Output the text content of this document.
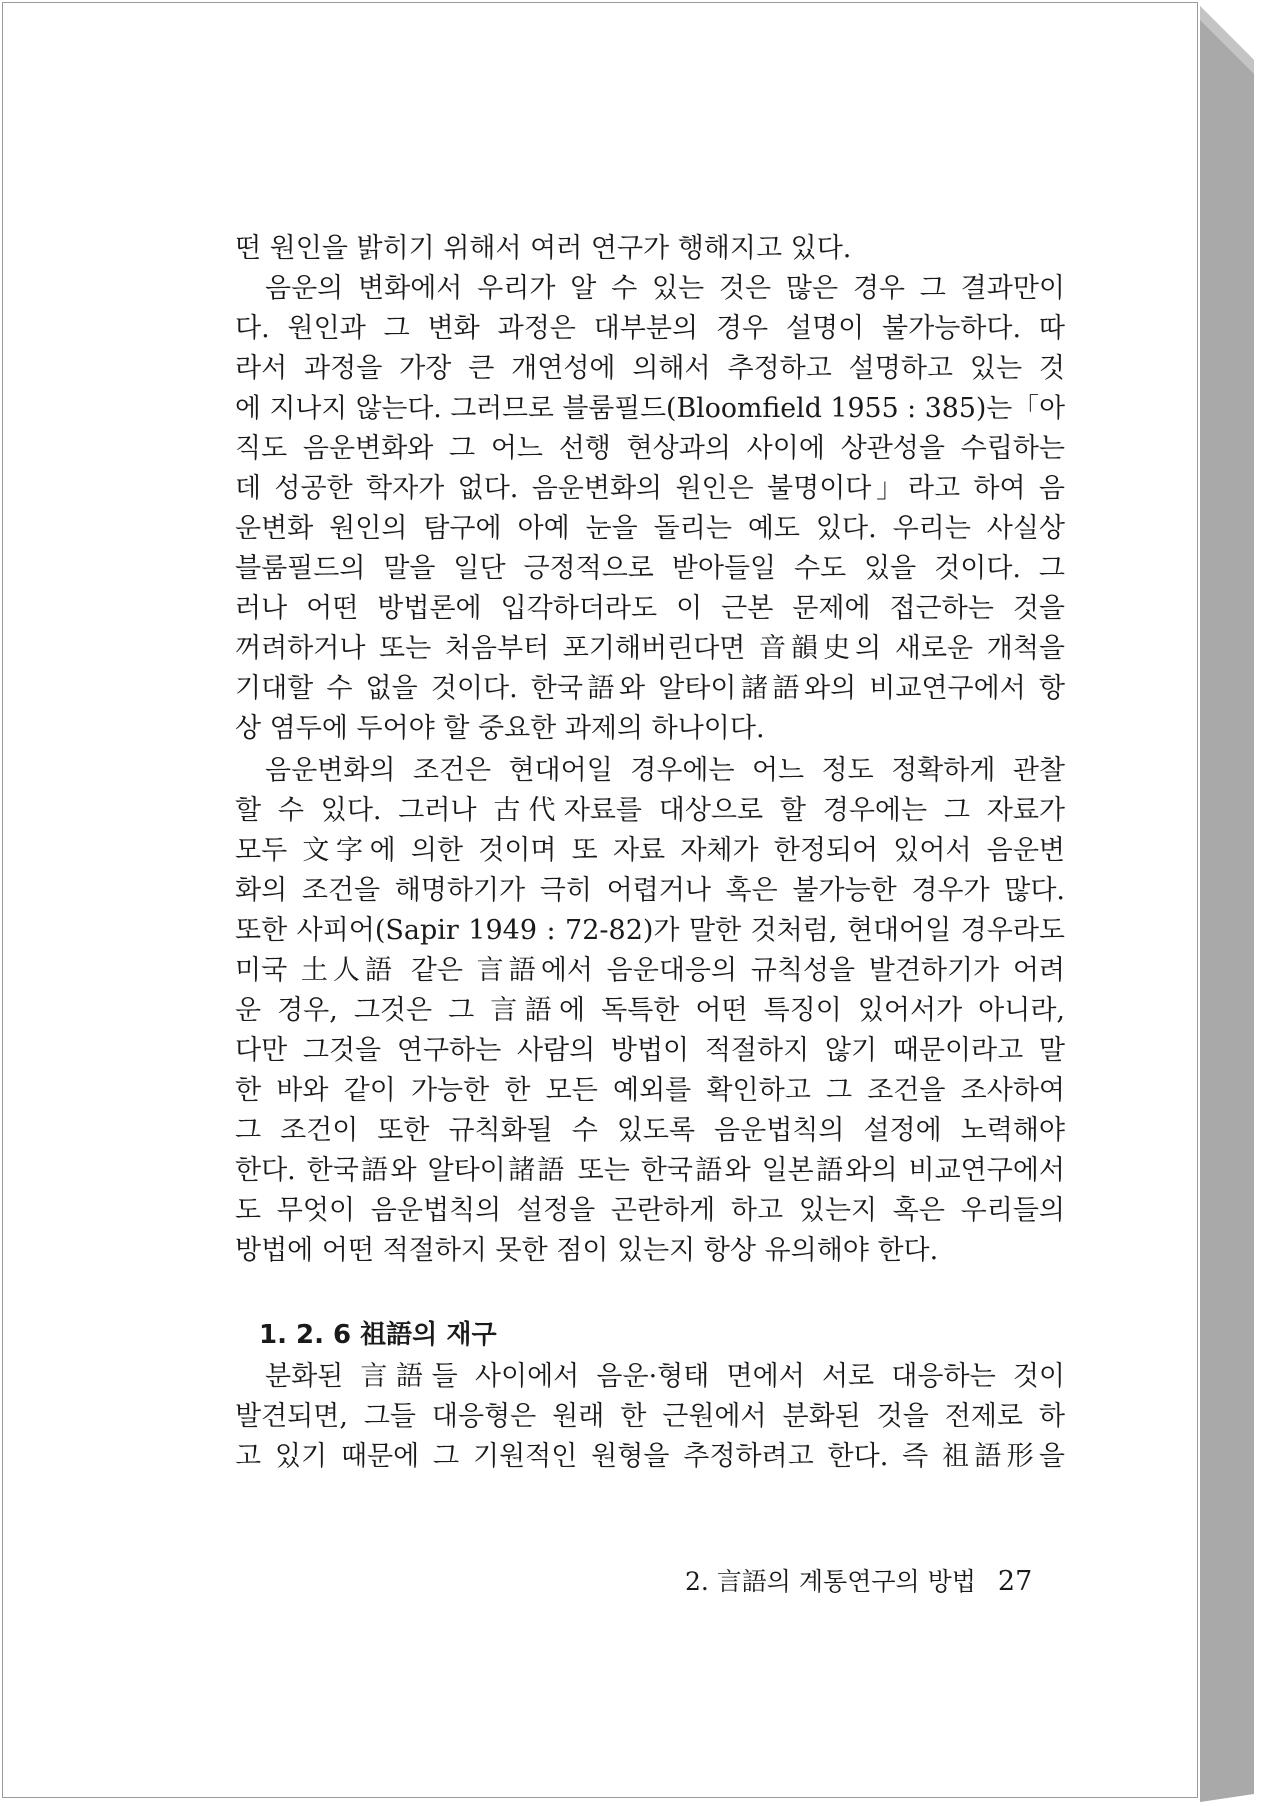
떤 원인을 밝히기 위해서 여러 연구가 행해지고 있다.
음운의 변화에서 우리가 알 수 있는 것은 많은 경우 그 결과만이
다. 원인과 그 변화 과정은 대부분의 경우 설명이 불가능하다. 따
라서 과정을 가장 큰 개연성에 의해서 추정하고 설명하고 있는 것
에 지나지 않는다. 그러므로 블룸필드(Bloomfield 1955 : 385)는「아
직도 음운변화와 그 어느 선행 현상과의 사이에 상관성을 수립하는
데 성공한 학자가 없다. 음운변화의 원인은 불명이다」라고 하여 음
운변화 원인의 탐구에 아예 눈을 돌리는 예도 있다. 우리는 사실상
블룸필드의 말을 일단 긍정적으로 받아들일 수도 있을 것이다. 그
러나 어떤 방법론에 입각하더라도 이 근본 문제에 접근하는 것을
꺼려하거나 또는 처음부터 포기해버린다면 音韻史의 새로운 개척을
기대할 수 없을 것이다. 한국語와 알타이諸語와의 비교연구에서 항
상 염두에 두어야 할 중요한 과제의 하나이다.
음운변화의 조건은 현대어일 경우에는 어느 정도 정확하게 관찰
할 수 있다. 그러나 古代자료를 대상으로 할 경우에는 그 자료가
모두 文字에 의한 것이며 또 자료 자체가 한정되어 있어서 음운변
화의 조건을 해명하기가 극히 어렵거나 혹은 불가능한 경우가 많다.
또한 사피어(Sapir 1949 : 72-82)가 말한 것처럼, 현대어일 경우라도
미국 土人語 같은 言語에서 음운대응의 규칙성을 발견하기가 어려
운 경우, 그것은 그 言語에 독특한 어떤 특징이 있어서가 아니라,
다만 그것을 연구하는 사람의 방법이 적절하지 않기 때문이라고 말
한 바와 같이 가능한 한 모든 예외를 확인하고 그 조건을 조사하여
그 조건이 또한 규칙화될 수 있도록 음운법칙의 설정에 노력해야
한다. 한국語와 알타이諸語 또는 한국語와 일본語와의 비교연구에서
도 무엇이 음운법칙의 설정을 곤란하게 하고 있는지 혹은 우리들의
방법에 어떤 적절하지 못한 점이 있는지 항상 유의해야 한다.
1. 2. 6 祖語의 재구
분화된 言語들 사이에서 음운·형태 면에서 서로 대응하는 것이
발견되면, 그들 대응형은 원래 한 근원에서 분화된 것을 전제로 하
고 있기 때문에 그 기원적인 원형을 추정하려고 한다. 즉 祖語形을
2. 言語의 계통연구의 방법 27
